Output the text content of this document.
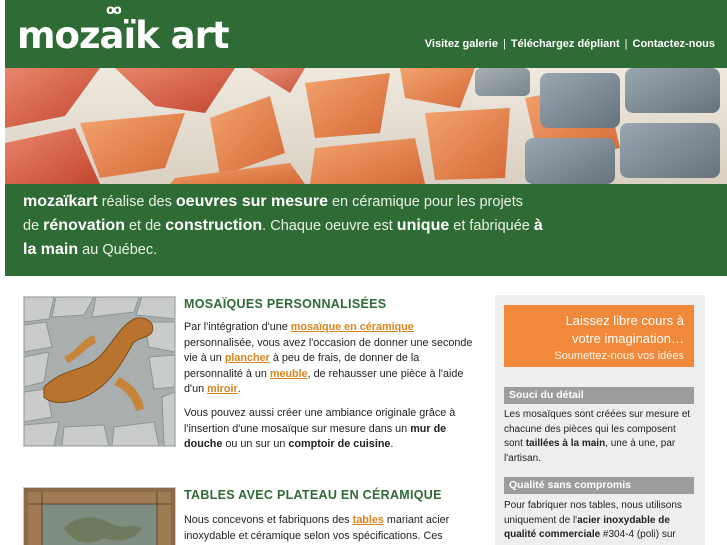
mozaïk art
oo
Visitez galerie | Téléchargez dépliant | Contactez-nous

mozaïkart réalise des oeuvres sur mesure en céramique pour les projets de rénovation et de construction. Chaque oeuvre est unique et fabriquée à la main au Québec.

MOSAÏQUES PERSONNALISÉES

Par l'intégration d'une mosaïque en céramique personnalisée, vous avez l'occasion de donner une seconde vie à un plancher à peu de frais, de donner de la personnalité à un meuble, de rehausser une pièce à l'aide d'un miroir.

Vous pouvez aussi créer une ambiance originale grâce à l'insertion d'une mosaïque sur mesure dans un mur de douche ou un sur un comptoir de cuisine.

TABLES AVEC PLATEAU EN CÉRAMIQUE

Nous concevons et fabriquons des tables mariant acier inoxydable et céramique selon vos spécifications. Ces

Laissez libre cours à
votre imagination…
Soumettez-nous vos idées
Souci du détail

Les mosaïques sont créées sur mesure et chacune des pièces qui les composent sont taillées à la main, une à une, par l'artisan.

Qualité sans compromis

Pour fabriquer nos tables, nous utilisons uniquement de l'acier inoxydable de qualité commerciale #304-4 (poli) sur
